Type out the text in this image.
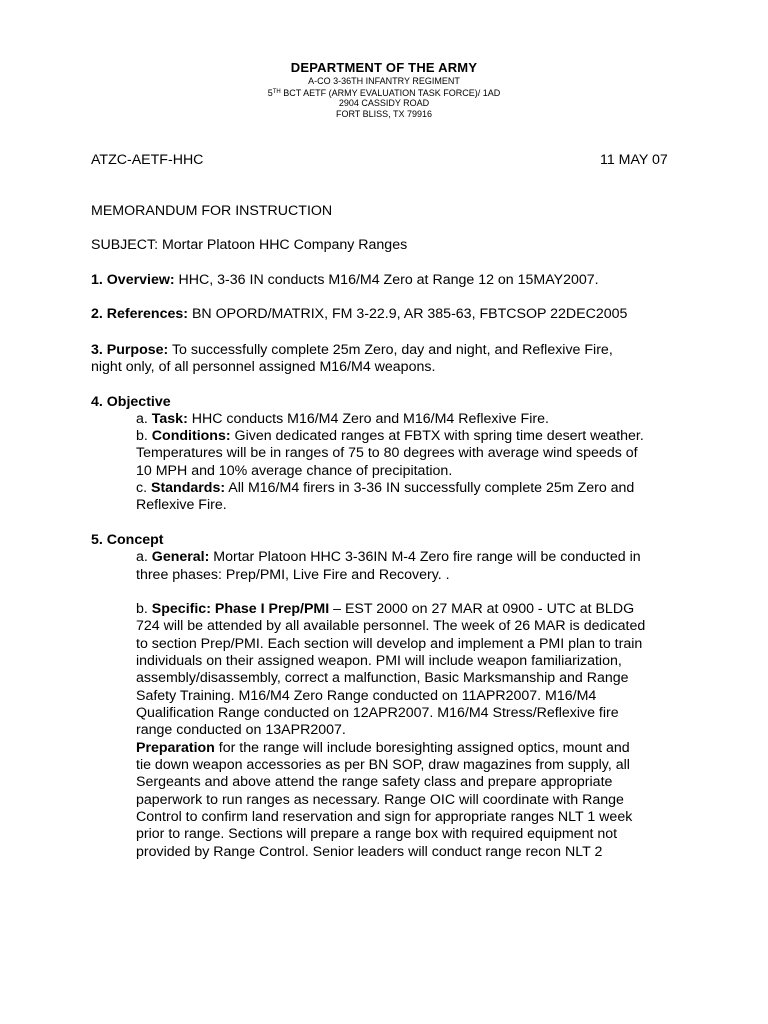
DEPARTMENT OF THE ARMY
A-CO 3-36TH INFANTRY REGIMENT
5TH BCT AETF (ARMY EVALUATION TASK FORCE)/ 1AD
2904 CASSIDY ROAD
FORT BLISS, TX 79916
ATZC-AETF-HHC	11 MAY 07
MEMORANDUM FOR INSTRUCTION
SUBJECT: Mortar Platoon HHC Company Ranges
1. Overview: HHC, 3-36 IN conducts M16/M4 Zero at Range 12 on 15MAY2007.
2. References: BN OPORD/MATRIX, FM 3-22.9, AR 385-63, FBTCSOP 22DEC2005
3. Purpose: To successfully complete 25m Zero, day and night, and Reflexive Fire,
night only, of all personnel assigned M16/M4 weapons.
4. Objective
a. Task: HHC conducts M16/M4 Zero and M16/M4 Reflexive Fire.
b. Conditions: Given dedicated ranges at FBTX with spring time desert weather.
Temperatures will be in ranges of 75 to 80 degrees with average wind speeds of
10 MPH and 10% average chance of precipitation.
c. Standards: All M16/M4 firers in 3-36 IN successfully complete 25m Zero and
Reflexive Fire.
5. Concept
a. General: Mortar Platoon HHC 3-36IN M-4 Zero fire range will be conducted in
three phases: Prep/PMI, Live Fire and Recovery. .
b. Specific: Phase I Prep/PMI – EST 2000 on 27 MAR at 0900 - UTC at BLDG
724 will be attended by all available personnel. The week of 26 MAR is dedicated
to section Prep/PMI. Each section will develop and implement a PMI plan to train
individuals on their assigned weapon. PMI will include weapon familiarization,
assembly/disassembly, correct a malfunction, Basic Marksmanship and Range
Safety Training. M16/M4 Zero Range conducted on 11APR2007. M16/M4
Qualification Range conducted on 12APR2007. M16/M4 Stress/Reflexive fire
range conducted on 13APR2007.
Preparation for the range will include boresighting assigned optics, mount and
tie down weapon accessories as per BN SOP, draw magazines from supply, all
Sergeants and above attend the range safety class and prepare appropriate
paperwork to run ranges as necessary. Range OIC will coordinate with Range
Control to confirm land reservation and sign for appropriate ranges NLT 1 week
prior to range. Sections will prepare a range box with required equipment not
provided by Range Control. Senior leaders will conduct range recon NLT 2
